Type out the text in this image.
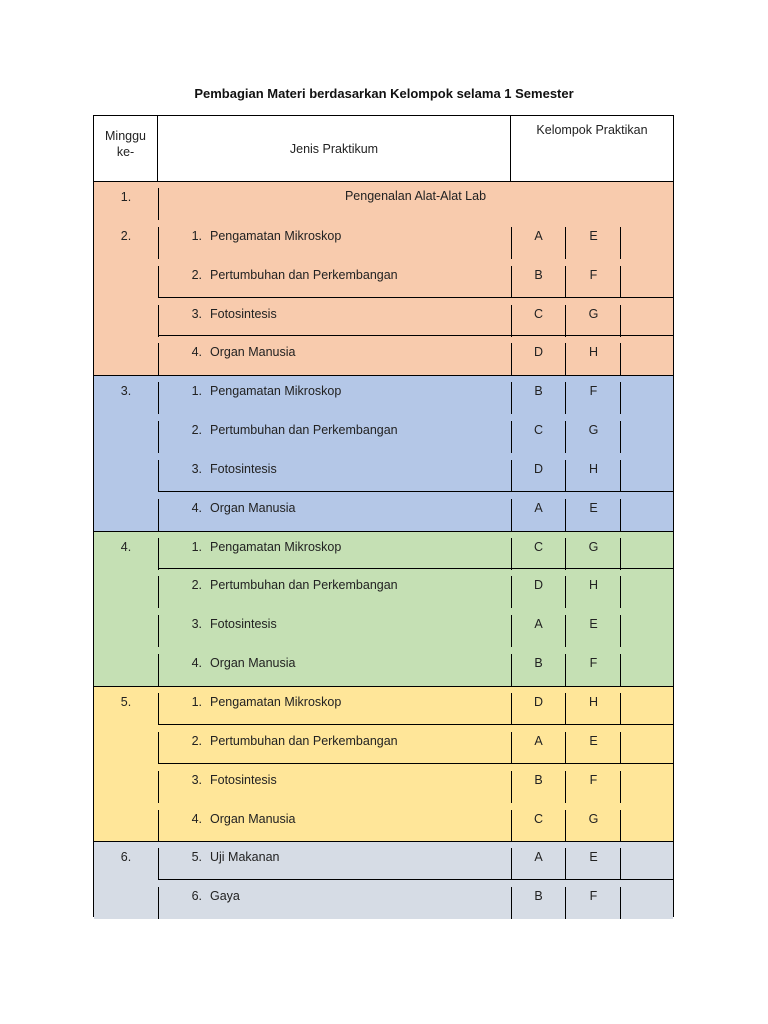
Pembagian Materi berdasarkan Kelompok selama 1 Semester
Minggu
ke-	Jenis Praktikum
Kelompok Praktikan
1.	Pengenalan Alat-Alat Lab
2.	1. Pengamatan Mikroskop	A	E
2. Pertumbuhan dan Perkembangan	B	F
3. Fotosintesis	C	G
4. Organ Manusia	D	H
3.	1. Pengamatan Mikroskop	B	F
2. Pertumbuhan dan Perkembangan	C	G
3. Fotosintesis	D	H
4. Organ Manusia	A	E
4.	1. Pengamatan Mikroskop	C	G
2. Pertumbuhan dan Perkembangan	D	H
3. Fotosintesis	A	E
4. Organ Manusia	B	F
5.	1. Pengamatan Mikroskop	D	H
2. Pertumbuhan dan Perkembangan	A	E
3. Fotosintesis	B	F
4. Organ Manusia	C	G
6.	5. Uji Makanan	A	E
6. Gaya	B	F
